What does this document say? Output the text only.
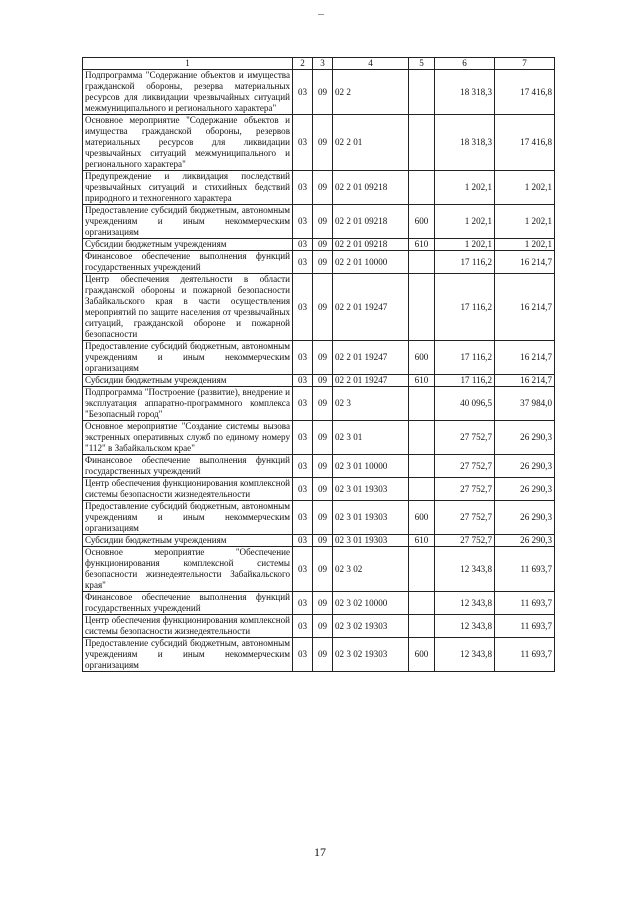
1	2	3	4	5	6	7
Подпрограмма "Содержание объектов и имущества гражданской обороны, резерва материальных ресурсов для ликвидации чрезвычайных ситуаций межмуниципального и регионального характера"	03	09	02 2		18 318,3	17 416,8
Основное мероприятие "Содержание объектов и имущества гражданской обороны, резервов материальных ресурсов для ликвидации чрезвычайных ситуаций межмуниципального и регионального характера"	03	09	02 2 01		18 318,3	17 416,8
Предупреждение и ликвидация последствий чрезвычайных ситуаций и стихийных бедствий природного и техногенного характера	03	09	02 2 01 09218		1 202,1	1 202,1
Предоставление субсидий бюджетным, автономным учреждениям и иным некоммерческим организациям	03	09	02 2 01 09218	600	1 202,1	1 202,1
Субсидии бюджетным учреждениям	03	09	02 2 01 09218	610	1 202,1	1 202,1
Финансовое обеспечение выполнения функций государственных учреждений	03	09	02 2 01 10000		17 116,2	16 214,7
Центр обеспечения деятельности в области гражданской обороны и пожарной безопасности Забайкальского края в части осуществления мероприятий по защите населения от чрезвычайных ситуаций, гражданской обороне и пожарной безопасности	03	09	02 2 01 19247		17 116,2	16 214,7
Предоставление субсидий бюджетным, автономным учреждениям и иным некоммерческим организациям	03	09	02 2 01 19247	600	17 116,2	16 214,7
Субсидии бюджетным учреждениям	03	09	02 2 01 19247	610	17 116,2	16 214,7
Подпрограмма "Построение (развитие), внедрение и эксплуатация аппаратно-программного комплекса "Безопасный город"	03	09	02 3		40 096,5	37 984,0
Основное мероприятие "Создание системы вызова экстренных оперативных служб по единому номеру "112" в Забайкальском крае"	03	09	02 3 01		27 752,7	26 290,3
Финансовое обеспечение выполнения функций государственных учреждений	03	09	02 3 01 10000		27 752,7	26 290,3
Центр обеспечения функционирования комплексной системы безопасности жизнедеятельности	03	09	02 3 01 19303		27 752,7	26 290,3
Предоставление субсидий бюджетным, автономным учреждениям и иным некоммерческим организациям	03	09	02 3 01 19303	600	27 752,7	26 290,3
Субсидии бюджетным учреждениям	03	09	02 3 01 19303	610	27 752,7	26 290,3
Основное мероприятие "Обеспечение функционирования комплексной системы безопасности жизнедеятельности Забайкальского края"	03	09	02 3 02		12 343,8	11 693,7
Финансовое обеспечение выполнения функций государственных учреждений	03	09	02 3 02 10000		12 343,8	11 693,7
Центр обеспечения функционирования комплексной системы безопасности жизнедеятельности	03	09	02 3 02 19303		12 343,8	11 693,7
Предоставление субсидий бюджетным, автономным учреждениям и иным некоммерческим организациям	03	09	02 3 02 19303	600	12 343,8	11 693,7
17
